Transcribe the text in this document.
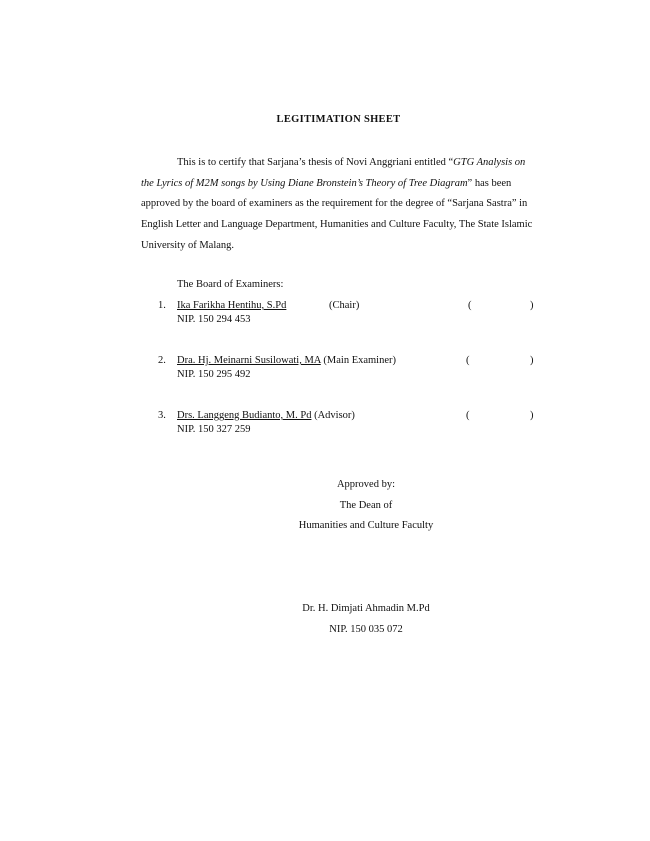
LEGITIMATION SHEET
This is to certify that Sarjana’s thesis of Novi Anggriani entitled “GTG Analysis on the Lyrics of M2M songs by Using Diane Bronstein’s Theory of Tree Diagram” has been approved by the board of examiners as the requirement for the degree of “Sarjana Sastra” in English Letter and Language Department, Humanities and Culture Faculty, The State Islamic University of Malang.
The Board of Examiners:
1. Ika Farikha Hentihu, S.Pd	(Chair)	(	)
NIP. 150 294 453
2. Dra. Hj. Meinarni Susilowati, MA (Main Examiner)	(	)
NIP. 150 295 492
3. Drs. Langgeng Budianto, M. Pd (Advisor)	(	)
NIP. 150 327 259
Approved by:
The Dean of
Humanities and Culture Faculty
Dr. H. Dimjati Ahmadin M.Pd
NIP. 150 035 072
